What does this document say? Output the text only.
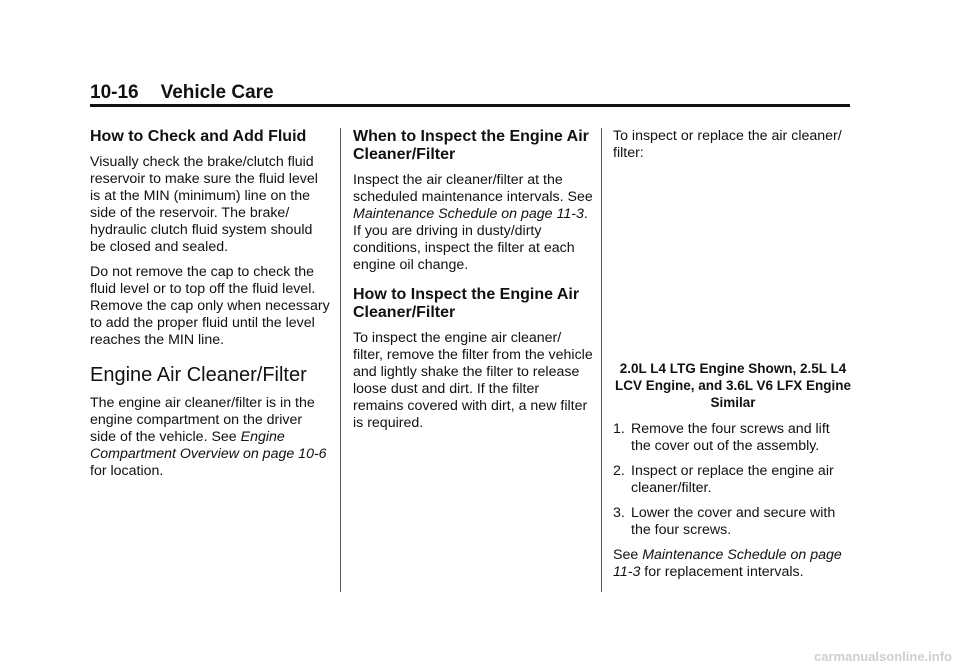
10-16 Vehicle Care
How to Check and Add Fluid

Visually check the brake/clutch fluid reservoir to make sure the fluid level is at the MIN (minimum) line on the side of the reservoir. The brake/ hydraulic clutch fluid system should be closed and sealed.

Do not remove the cap to check the fluid level or to top off the fluid level. Remove the cap only when necessary to add the proper fluid until the level reaches the MIN line.

Engine Air Cleaner/Filter

The engine air cleaner/filter is in the engine compartment on the driver side of the vehicle. See Engine Compartment Overview on page 10-6 for location.

When to Inspect the Engine Air Cleaner/Filter

Inspect the air cleaner/filter at the scheduled maintenance intervals. See Maintenance Schedule on page 11-3. If you are driving in dusty/dirty conditions, inspect the filter at each engine oil change.

How to Inspect the Engine Air Cleaner/Filter

To inspect the engine air cleaner/ filter, remove the filter from the vehicle and lightly shake the filter to release loose dust and dirt. If the filter remains covered with dirt, a new filter is required.

To inspect or replace the air cleaner/ filter:

2.0L L4 LTG Engine Shown, 2.5L L4 LCV Engine, and 3.6L V6 LFX Engine Similar

1. Remove the four screws and lift the cover out of the assembly.
2. Inspect or replace the engine air cleaner/filter.
3. Lower the cover and secure with the four screws.

See Maintenance Schedule on page 11-3 for replacement intervals.

carmanualsonline.info
